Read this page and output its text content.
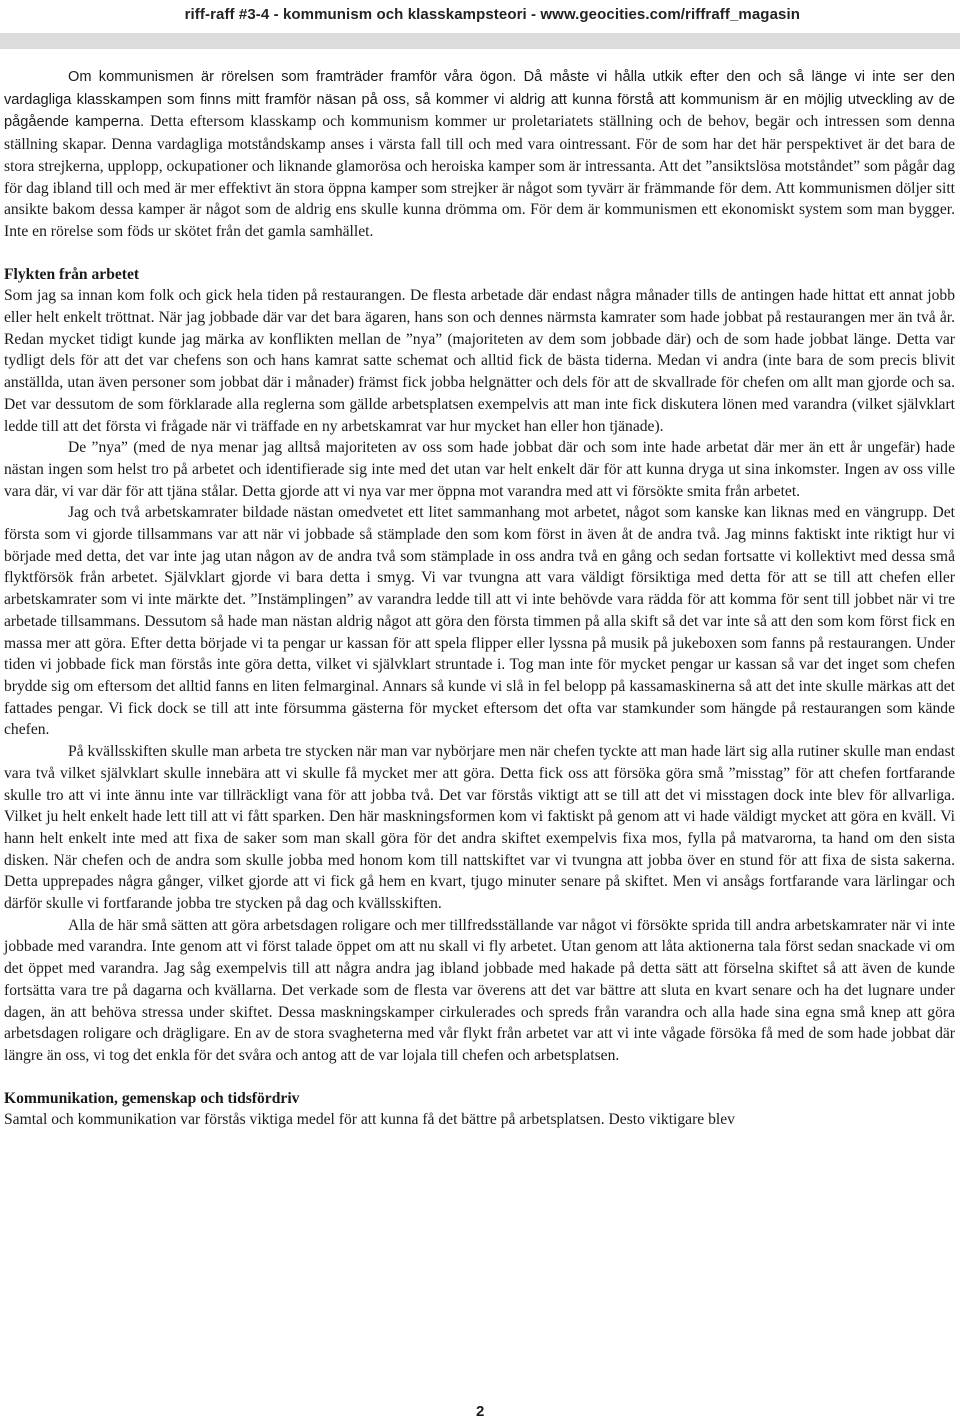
riff-raff #3-4 - kommunism och klasskampsteori - www.geocities.com/riffraff_magasin

Om kommunismen är rörelsen som framträder framför våra ögon. Då måste vi hålla utkik efter den och så länge vi inte ser den vardagliga klasskampen som finns mitt framför näsan på oss, så kommer vi aldrig att kunna förstå att kommunism är en möjlig utveckling av de pågående kamperna. Detta eftersom klasskamp och kommunism kommer ur proletariatets ställning och de behov, begär och intressen som denna ställning skapar. Denna vardagliga motståndskamp anses i värsta fall till och med vara ointressant. För de som har det här perspektivet är det bara de stora strejkerna, upplopp, ockupationer och liknande glamorösa och heroiska kamper som är intressanta. Att det ”ansiktslösa motståndet” som pågår dag för dag ibland till och med är mer effektivt än stora öppna kamper som strejker är något som tyvärr är främmande för dem. Att kommunismen döljer sitt ansikte bakom dessa kamper är något som de aldrig ens skulle kunna drömma om. För dem är kommunismen ett ekonomiskt system som man bygger. Inte en rörelse som föds ur skötet från det gamla samhället.

Flykten från arbetet

Som jag sa innan kom folk och gick hela tiden på restaurangen. De flesta arbetade där endast några månader tills de antingen hade hittat ett annat jobb eller helt enkelt tröttnat. När jag jobbade där var det bara ägaren, hans son och dennes närmsta kamrater som hade jobbat på restaurangen mer än två år. Redan mycket tidigt kunde jag märka av konflikten mellan de ”nya” (majoriteten av dem som jobbade där) och de som hade jobbat länge. Detta var tydligt dels för att det var chefens son och hans kamrat satte schemat och alltid fick de bästa tiderna. Medan vi andra (inte bara de som precis blivit anställda, utan även personer som jobbat där i månader) främst fick jobba helgnätter och dels för att de skvallrade för chefen om allt man gjorde och sa. Det var dessutom de som förklarade alla reglerna som gällde arbetsplatsen exempelvis att man inte fick diskutera lönen med varandra (vilket självklart ledde till att det första vi frågade när vi träffade en ny arbetskamrat var hur mycket han eller hon tjänade).

De ”nya” (med de nya menar jag alltså majoriteten av oss som hade jobbat där och som inte hade arbetat där mer än ett år ungefär) hade nästan ingen som helst tro på arbetet och identifierade sig inte med det utan var helt enkelt där för att kunna dryga ut sina inkomster. Ingen av oss ville vara där, vi var där för att tjäna stålar. Detta gjorde att vi nya var mer öppna mot varandra med att vi försökte smita från arbetet.

Jag och två arbetskamrater bildade nästan omedvetet ett litet sammanhang mot arbetet, något som kanske kan liknas med en vängrupp. Det första som vi gjorde tillsammans var att när vi jobbade så stämplade den som kom först in även åt de andra två. Jag minns faktiskt inte riktigt hur vi började med detta, det var inte jag utan någon av de andra två som stämplade in oss andra två en gång och sedan fortsatte vi kollektivt med dessa små flyktförsök från arbetet. Självklart gjorde vi bara detta i smyg. Vi var tvungna att vara väldigt försiktiga med detta för att se till att chefen eller arbetskamrater som vi inte märkte det. ”Instämplingen” av varandra ledde till att vi inte behövde vara rädda för att komma för sent till jobbet när vi tre arbetade tillsammans. Dessutom så hade man nästan aldrig något att göra den första timmen på alla skift så det var inte så att den som kom först fick en massa mer att göra. Efter detta började vi ta pengar ur kassan för att spela flipper eller lyssna på musik på jukeboxen som fanns på restaurangen. Under tiden vi jobbade fick man förstås inte göra detta, vilket vi självklart struntade i. Tog man inte för mycket pengar ur kassan så var det inget som chefen brydde sig om eftersom det alltid fanns en liten felmarginal. Annars så kunde vi slå in fel belopp på kassamaskinerna så att det inte skulle märkas att det fattades pengar. Vi fick dock se till att inte försumma gästerna för mycket eftersom det ofta var stamkunder som hängde på restaurangen som kände chefen.

På kvällsskiften skulle man arbeta tre stycken när man var nybörjare men när chefen tyckte att man hade lärt sig alla rutiner skulle man endast vara två vilket självklart skulle innebära att vi skulle få mycket mer att göra. Detta fick oss att försöka göra små ”misstag” för att chefen fortfarande skulle tro att vi inte ännu inte var tillräckligt vana för att jobba två. Det var förstås viktigt att se till att det vi misstagen dock inte blev för allvarliga. Vilket ju helt enkelt hade lett till att vi fått sparken. Den här maskningsformen kom vi faktiskt på genom att vi hade väldigt mycket att göra en kväll. Vi hann helt enkelt inte med att fixa de saker som man skall göra för det andra skiftet exempelvis fixa mos, fylla på matvarorna, ta hand om den sista disken. När chefen och de andra som skulle jobba med honom kom till nattskiftet var vi tvungna att jobba över en stund för att fixa de sista sakerna. Detta upprepades några gånger, vilket gjorde att vi fick gå hem en kvart, tjugo minuter senare på skiftet. Men vi ansågs fortfarande vara lärlingar och därför skulle vi fortfarande jobba tre stycken på dag och kvällsskiften.

Alla de här små sätten att göra arbetsdagen roligare och mer tillfredsställande var något vi försökte sprida till andra arbetskamrater när vi inte jobbade med varandra. Inte genom att vi först talade öppet om att nu skall vi fly arbetet. Utan genom att låta aktionerna tala först sedan snackade vi om det öppet med varandra. Jag såg exempelvis till att några andra jag ibland jobbade med hakade på detta sätt att förselna skiftet så att även de kunde fortsätta vara tre på dagarna och kvällarna. Det verkade som de flesta var överens att det var bättre att sluta en kvart senare och ha det lugnare under dagen, än att behöva stressa under skiftet. Dessa maskningskamper cirkulerades och spreds från varandra och alla hade sina egna små knep att göra arbetsdagen roligare och drägligare. En av de stora svagheterna med vår flykt från arbetet var att vi inte vågade försöka få med de som hade jobbat där längre än oss, vi tog det enkla för det svåra och antog att de var lojala till chefen och arbetsplatsen.

Kommunikation, gemenskap och tidsfördriv

Samtal och kommunikation var förstås viktiga medel för att kunna få det bättre på arbetsplatsen. Desto viktigare blev

2
